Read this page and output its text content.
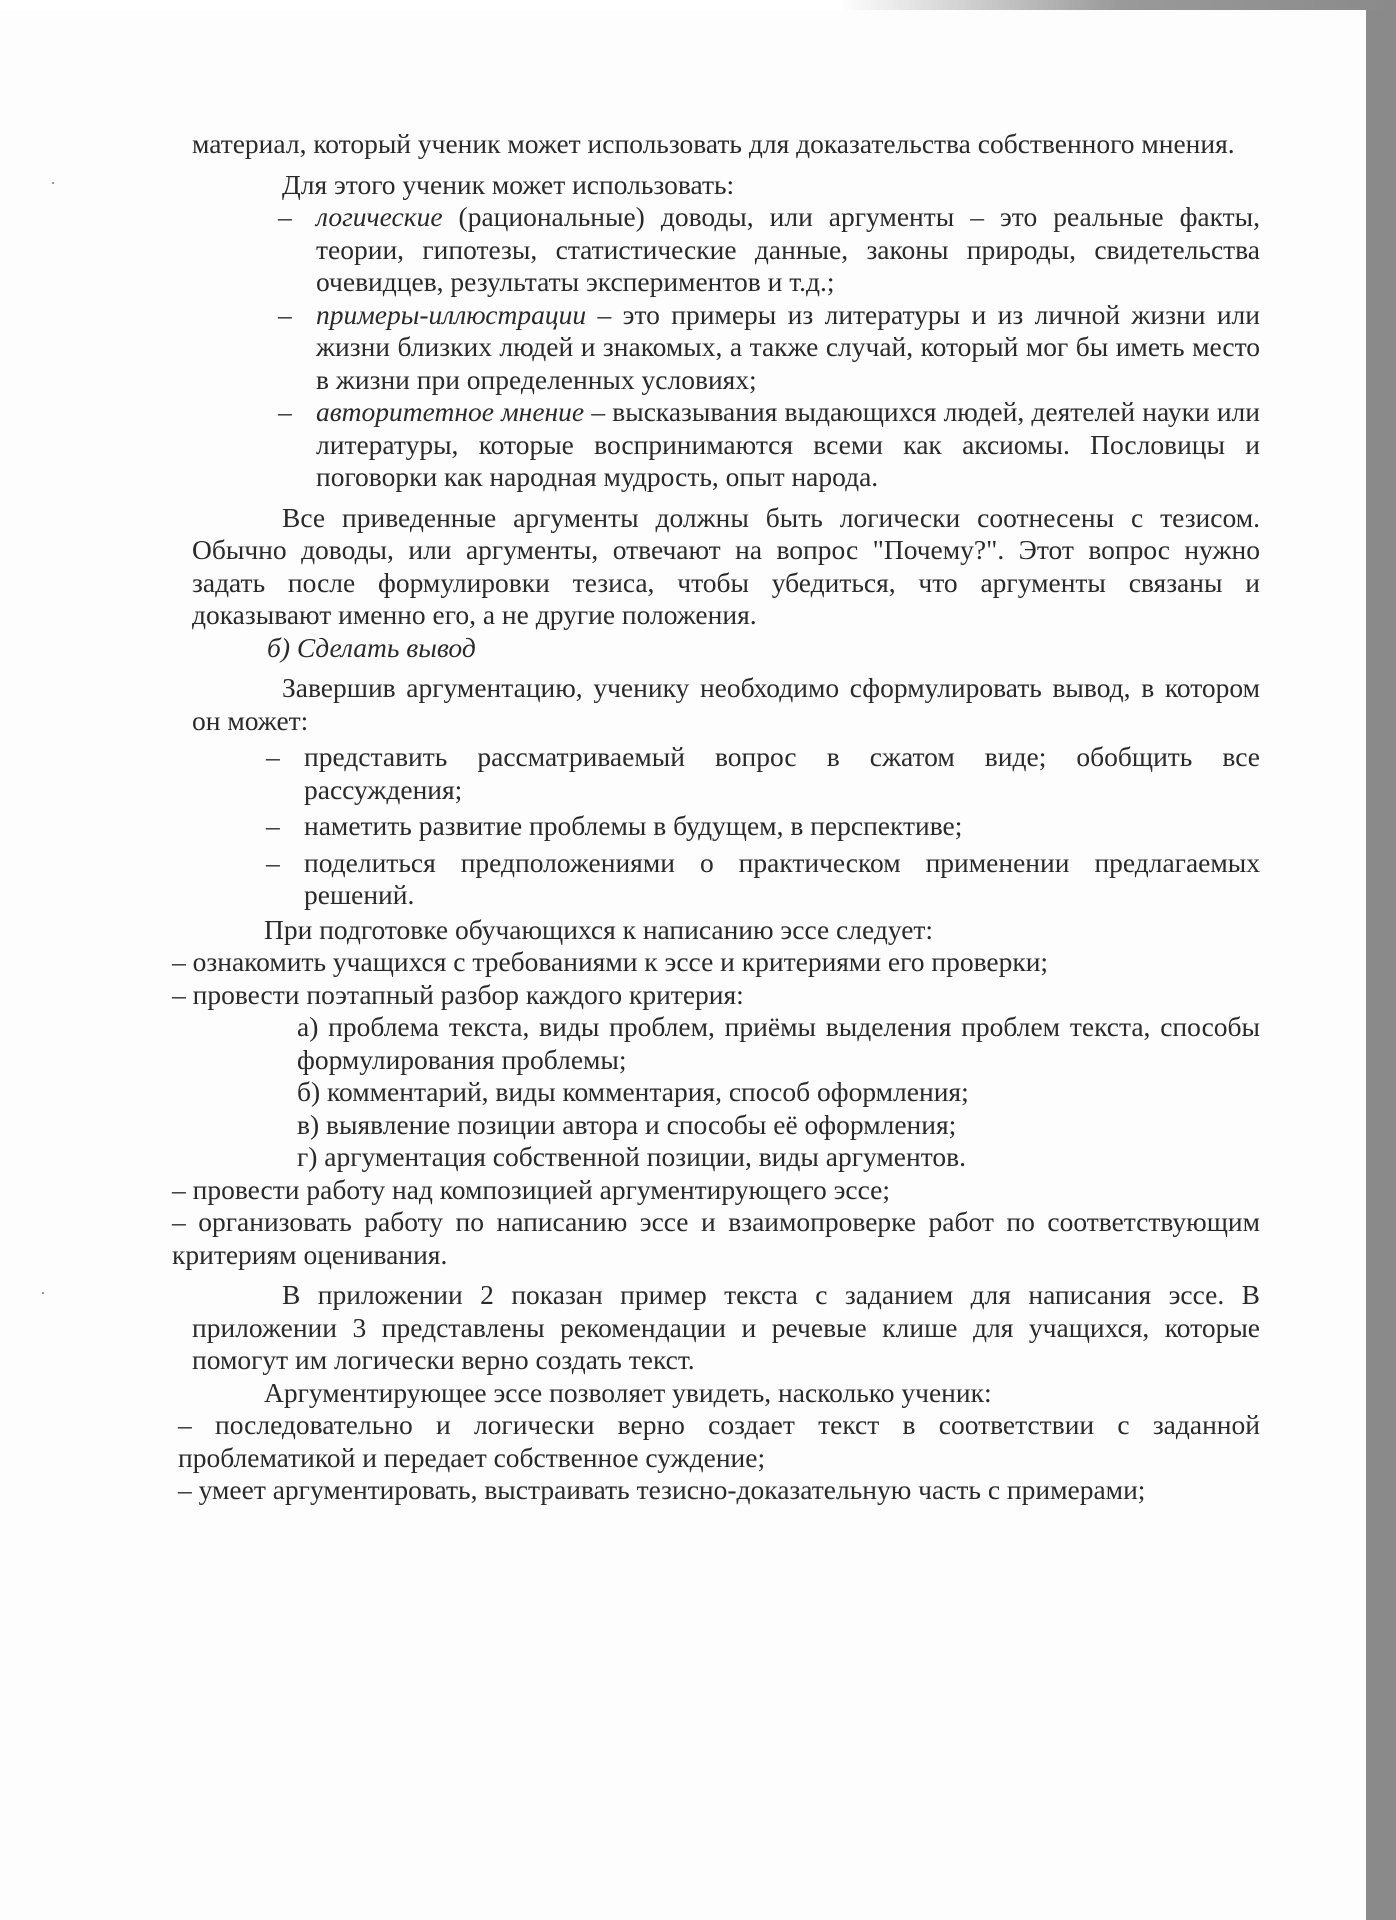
материал, который ученик может использовать для доказательства собственного мнения.

Для этого ученик может использовать:

– логические (рациональные) доводы, или аргументы – это реальные факты, теории, гипотезы, статистические данные, законы природы, свидетельства очевидцев, результаты экспериментов и т.д.;

– примеры-иллюстрации – это примеры из литературы и из личной жизни или жизни близких людей и знакомых, а также случай, который мог бы иметь место в жизни при определенных условиях;

– авторитетное мнение – высказывания выдающихся людей, деятелей науки или литературы, которые воспринимаются всеми как аксиомы. Пословицы и поговорки как народная мудрость, опыт народа.

Все приведенные аргументы должны быть логически соотнесены с тезисом. Обычно доводы, или аргументы, отвечают на вопрос "Почему?". Этот вопрос нужно задать после формулировки тезиса, чтобы убедиться, что аргументы связаны и доказывают именно его, а не другие положения.

б) Сделать вывод

Завершив аргументацию, ученику необходимо сформулировать вывод, в котором он может:

– представить рассматриваемый вопрос в сжатом виде; обобщить все рассуждения;

– наметить развитие проблемы в будущем, в перспективе;

– поделиться предположениями о практическом применении предлагаемых решений.

При подготовке обучающихся к написанию эссе следует:

– ознакомить учащихся с требованиями к эссе и критериями его проверки;

– провести поэтапный разбор каждого критерия:

а) проблема текста, виды проблем, приёмы выделения проблем текста, способы формулирования проблемы;

б) комментарий, виды комментария, способ оформления;

в) выявление позиции автора и способы её оформления;

г) аргументация собственной позиции, виды аргументов.

– провести работу над композицией аргументирующего эссе;

– организовать работу по написанию эссе и взаимопроверке работ по соответствующим критериям оценивания.

В приложении 2 показан пример текста с заданием для написания эссе. В приложении 3 представлены рекомендации и речевые клише для учащихся, которые помогут им логически верно создать текст.

Аргументирующее эссе позволяет увидеть, насколько ученик:

– последовательно и логически верно создает текст в соответствии с заданной проблематикой и передает собственное суждение;

– умеет аргументировать, выстраивать тезисно-доказательную часть с примерами;
